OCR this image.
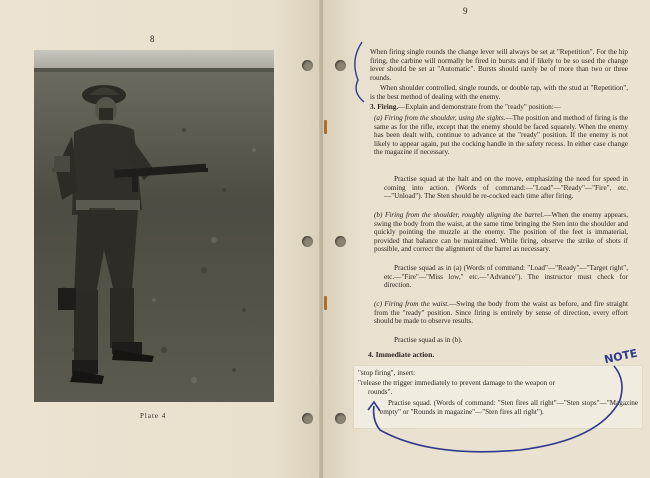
8
Plate 4
9
When firing single rounds the change lever will always be set at "Repetition". For the hip firing, the carbine will normally be fired in bursts and if likely to be so used the change lever should be set at "Automatic". Bursts should rarely be of more than two or three rounds.
When shoulder controlled, single rounds, or double tap, with the stud at "Repetition", is the best method of dealing with the enemy.
3. Firing.—Explain and demonstrate from the "ready" position:—
(a) Firing from the shoulder, using the sights.—The position and method of firing is the same as for the rifle, except that the enemy should be faced squarely. When the enemy has been dealt with, continue to advance at the "ready" position. If the enemy is not likely to appear again, put the cocking handle in the safety recess. In either case change the magazine if necessary.
Practise squad at the halt and on the move, emphasizing the need for speed in coming into action. (Words of command:—"Load"—"Ready"—"Fire", etc.—"Unload"). The Sten should be re-cocked each time after firing.
(b) Firing from the shoulder, roughly aligning the barrel.—When the enemy appears, swing the body from the waist, at the same time bringing the Sten into the shoulder and quickly pointing the muzzle at the enemy. The position of the feet is immaterial, provided that balance can be maintained. While firing, observe the strike of shots if possible, and correct the alignment of the barrel as necessary.
Practise squad as in (a) (Words of command: "Load"—"Ready"—"Target right", etc.—"Fire"—"Miss low," etc.—"Advance"). The instructor must check for direction.
(c) Firing from the waist.—Swing the body from the waist as before, and fire straight from the "ready" position. Since firing is entirely by sense of direction, every effort should be made to observe results.
Practise squad as in (b).
4. Immediate action.
"stop firing", insert:
"release the trigger immediately to prevent damage to the weapon or
rounds".
Practise squad. (Words of command: "Sten fires all right"—"Sten stops"—"Magazine empty" or "Rounds in magazine"—"Sten fires all right").
NOTE
